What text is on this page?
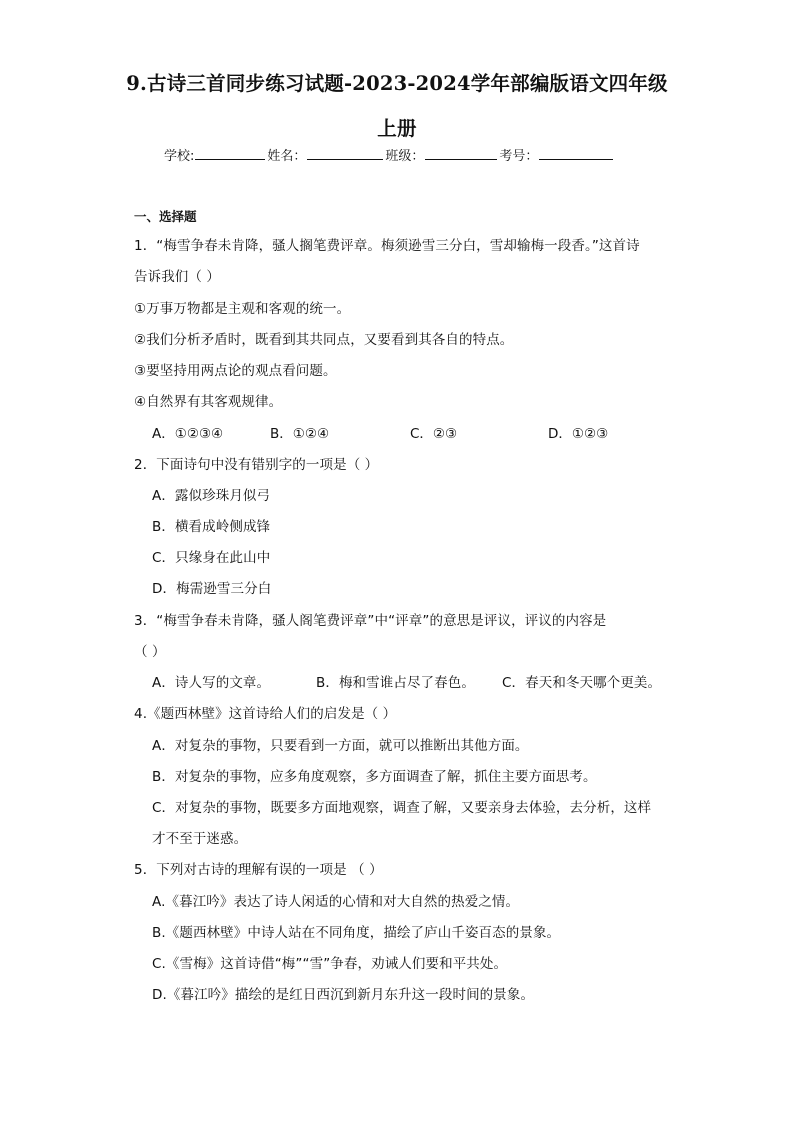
9.古诗三首同步练习试题-2023-2024学年部编版语文四年级
上册
学校:	姓名：	班级：	考号：
一、选择题
1．“梅雪争春未肯降，骚人搁笔费评章。梅须逊雪三分白，雪却输梅一段香。”这首诗
告诉我们（ ）
①万事万物都是主观和客观的统一。
②我们分析矛盾时，既看到其共同点，又要看到其各自的特点。
③要坚持用两点论的观点看问题。
④自然界有其客观规律。
A．①②③④	B．①②④	C．②③	D．①②③
2．下面诗句中没有错别字的一项是（ ）
A．露似珍珠月似弓
B．横看成岭侧成锋
C．只缘身在此山中
D．梅需逊雪三分白
3．“梅雪争春未肯降，骚人阁笔费评章”中“评章”的意思是评议，评议的内容是
（ ）
A．诗人写的文章。	B．梅和雪谁占尽了春色。 C．春天和冬天哪个更美。
4.《题西林壁》这首诗给人们的启发是（ ）
A．对复杂的事物，只要看到一方面，就可以推断出其他方面。
B．对复杂的事物，应多角度观察，多方面调查了解，抓住主要方面思考。
C．对复杂的事物，既要多方面地观察，调查了解，又要亲身去体验，去分析，这样
才不至于迷惑。
5．下列对古诗的理解有误的一项是 （ ）
A.《暮江吟》表达了诗人闲适的心情和对大自然的热爱之情。
B.《题西林壁》中诗人站在不同角度，描绘了庐山千姿百态的景象。
C.《雪梅》这首诗借“梅”“雪”争春，劝诫人们要和平共处。
D.《暮江吟》描绘的是红日西沉到新月东升这一段时间的景象。
